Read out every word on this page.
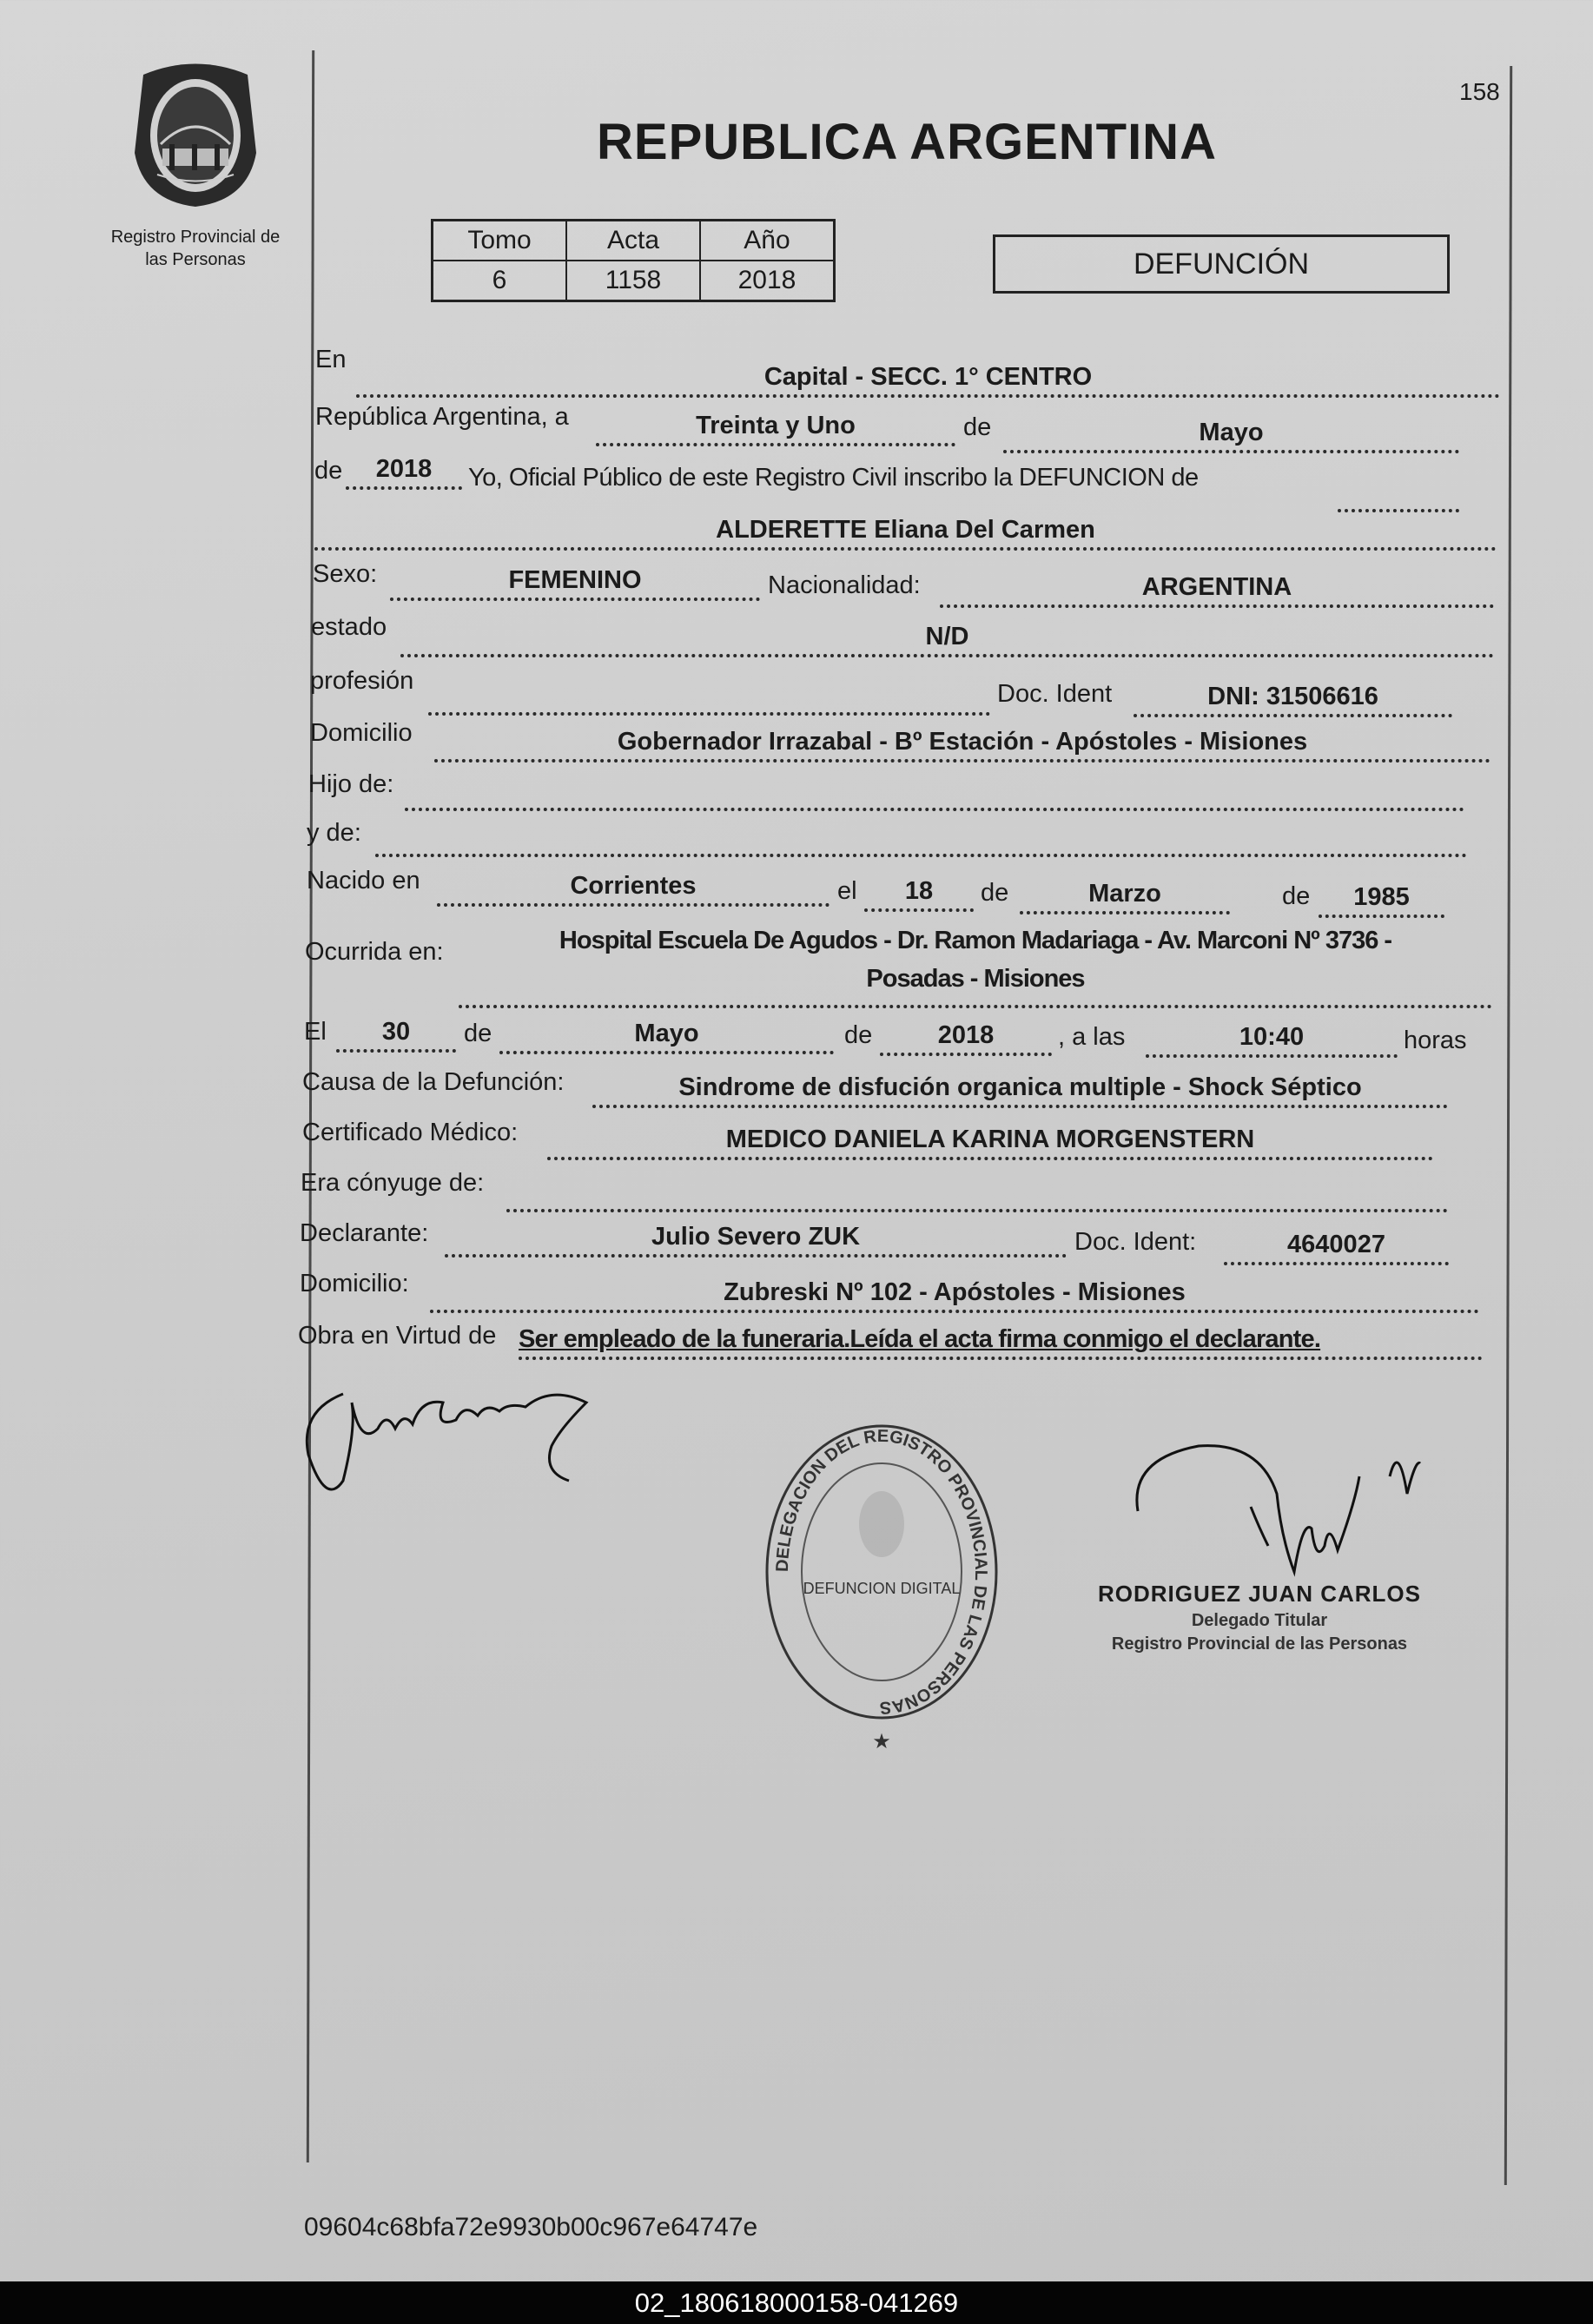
Registro Provincial de
las Personas
REPUBLICA ARGENTINA
158
Tomo	Acta	Año
6	1158	2018	DEFUNCIÓN
En
Capital - SECC. 1° CENTRO
República Argentina, a	Treinta y Uno	de	Mayo
de	2018	Yo, Oficial Público de este Registro Civil inscribo la DEFUNCION de
ALDERETTE Eliana Del Carmen
Sexo:	FEMENINO	Nacionalidad:	ARGENTINA
estado	N/D
profesión	Doc. Ident	DNI: 31506616
Domicilio	Gobernador Irrazabal - Bº Estación - Apóstoles - Misiones
Hijo de:
y de:
Nacido en	Corrientes	el	18	de	Marzo	de	1985
Ocurrida en:	Hospital Escuela De Agudos - Dr. Ramon Madariaga - Av. Marconi Nº 3736 -
Posadas - Misiones
El	30	de	Mayo	de	2018	, a las	10:40	horas
Causa de la Defunción:	Sindrome de disfución organica multiple - Shock Séptico
Certificado Médico:	MEDICO DANIELA KARINA MORGENSTERN
Era cónyuge de:
Declarante:	Julio Severo ZUK	Doc. Ident:	4640027
Domicilio:	Zubreski Nº 102 - Apóstoles - Misiones
Obra en Virtud de Ser empleado de la funeraria.Leída el acta firma conmigo el declarante.
DELEGACION DEL REGISTRO PROVINCIAL DE LAS PERSONAS
DEFUNCION DIGITAL
★
RODRIGUEZ JUAN CARLOS
Delegado Titular
Registro Provincial de las Personas
09604c68bfa72e9930b00c967e64747e
02_180618000158-041269
